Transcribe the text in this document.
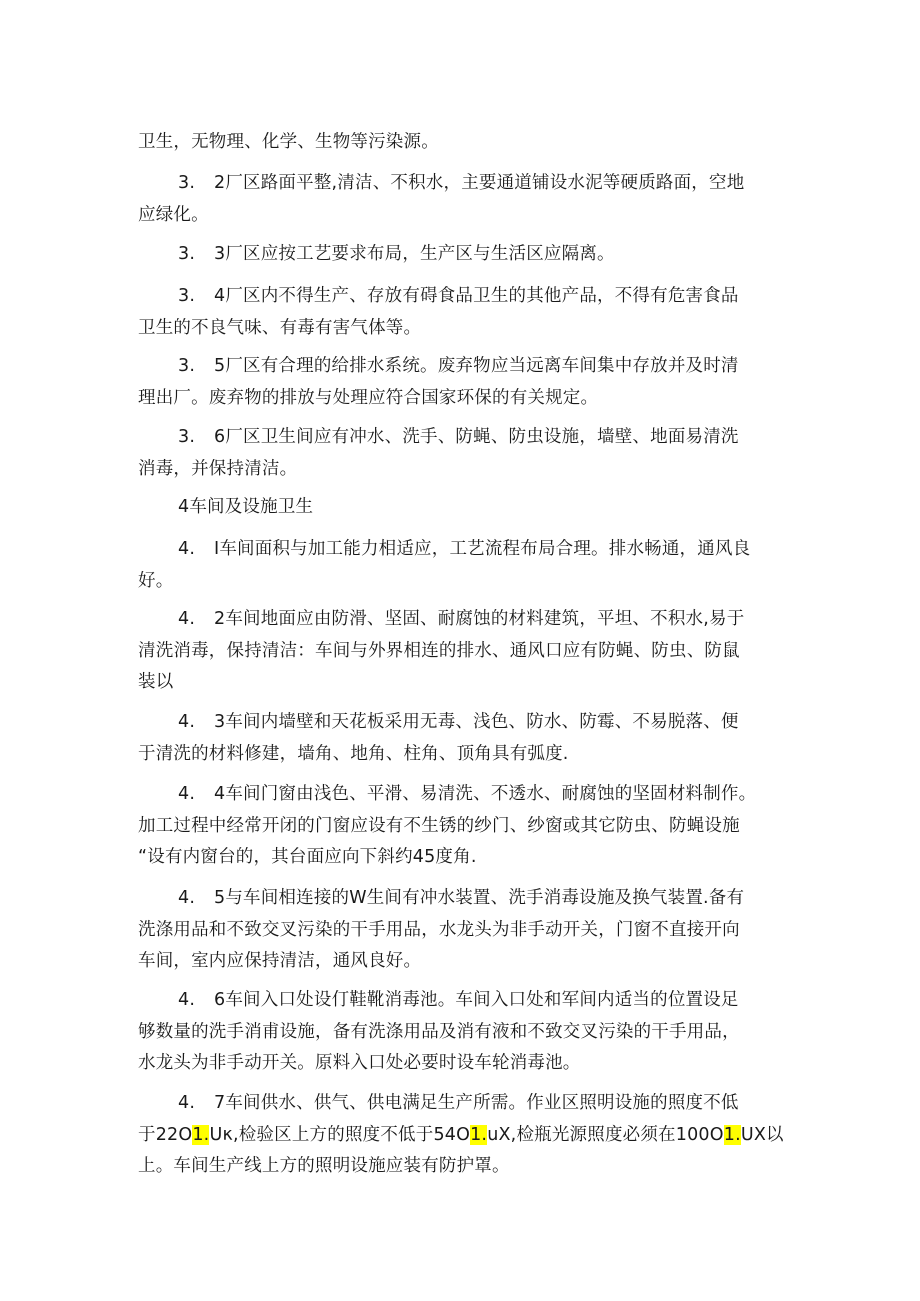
卫生，无物理、化学、生物等污染源。

3. 2厂区路面平整,清洁、不积水，主要通道铺设水泥等硬质路面，空地
应绿化。

3. 3厂区应按工艺要求布局，生产区与生活区应隔离。

3. 4厂区内不得生产、存放有碍食品卫生的其他产品，不得有危害食品
卫生的不良气味、有毒有害气体等。

3. 5厂区有合理的给排水系统。废弃物应当远离车间集中存放并及时清
理出厂。废弃物的排放与处理应符合国家环保的有关规定。

3. 6厂区卫生间应有冲水、洗手、防蝇、防虫设施，墙壁、地面易清洗
消毒，并保持清洁。

4车间及设施卫生

4. I车间面积与加工能力相适应，工艺流程布局合理。排水畅通，通风良
好。

4. 2车间地面应由防滑、坚固、耐腐蚀的材料建筑，平坦、不积水,易于
清洗消毒，保持清洁：车间与外界相连的排水、通风口应有防蝇、防虫、防鼠
装以

4. 3车间内墙壁和天花板采用无毒、浅色、防水、防霉、不易脱落、便
于清洗的材料修建，墙角、地角、柱角、顶角具有弧度.

4. 4车间门窗由浅色、平滑、易清洗、不透水、耐腐蚀的坚固材料制作。
加工过程中经常开闭的门窗应设有不生锈的纱门、纱窗或其它防虫、防蝇设施
“设有内窗台的，其台面应向下斜约45度角.

4. 5与车间相连接的W生间有冲水装置、洗手消毒设施及换气装置.备有
洗涤用品和不致交叉污染的干手用品，水龙头为非手动开关，门窗不直接开向
车间，室内应保持清洁，通风良好。

4. 6车间入口处设仃鞋靴消毒池。车间入口处和军间内适当的位置设足
够数量的洗手消甫设施，备有洗涤用品及消有液和不致交叉污染的干手用品，
水龙头为非手动开关。原料入口处必要时设车轮消毒池。

4. 7车间供水、供气、供电满足生产所需。作业区照明设施的照度不低
于22O1.Uκ,检验区上方的照度不低于54O1.uX,检瓶光源照度必须在100O1.UX以
上。车间生产线上方的照明设施应装有防护罩。
